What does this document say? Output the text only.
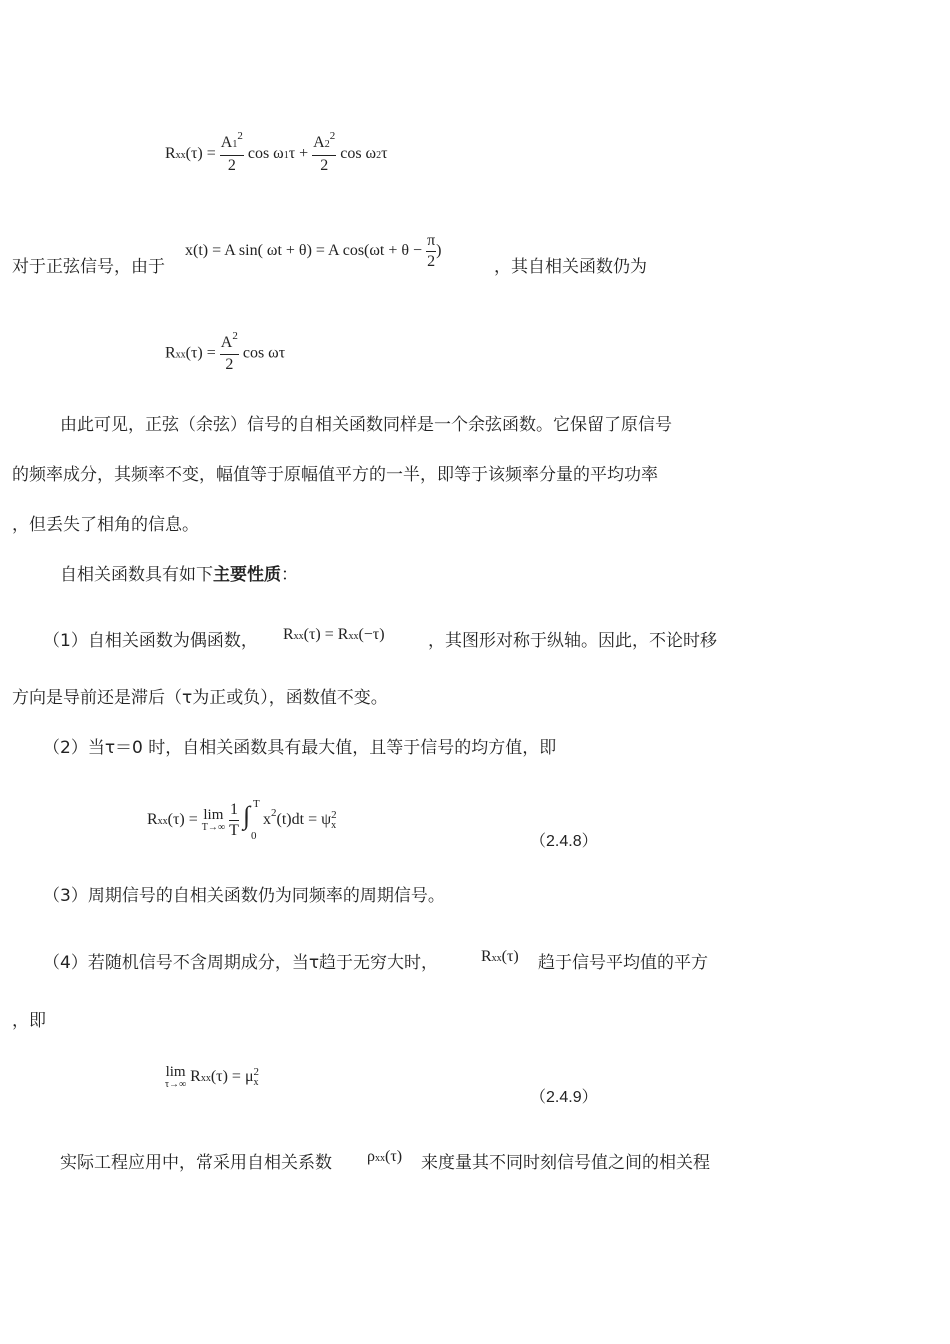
$Rxx(\tau) = \frac{A1^2}{2}$ $\cos \omega 1\tau + \frac{A2^2}{2}$ cos ω2τ
对于正弦信号，由于
x(t) = A sin( ωt + θ) = A $\cos(\omega t + \theta - \frac{\pi}{2}$ )
，其自相关函数仍为
$Rxx(\tau) = \frac{A^2}{2}$ cos ωτ
由此可见，正弦（余弦）信号的自相关函数同样是一个余弦函数。它保留了原信号
的频率成分，其频率不变，幅值等于原幅值平方的一半，即等于该频率分量的平均功率
，但丢失了相角的信息。
自相关函数具有如下主要性质：
（1）自相关函数为偶函数， Rxx(τ) = Rxx(−τ)	，其图形对称于纵轴。因此，不论时移
方向是导前还是滞后（τ为正或负），函数值不变。
（2）当τ＝0 时，自相关函数具有最大值，且等于信号的均方值，即
Rxx(τ) = lim
T→∞
$\frac{1}{T}$
∫ T
0
$x^2(t)dt = \psi$ 2
x
（2.4.8）
（3）周期信号的自相关函数仍为同频率的周期信号。
（4）若随机信号不含周期成分，当τ趋于无穷大时，	Rxx(τ) 趋于信号平均值的平方
，即
lim
τ→∞ Rxx(τ) = μ 2
x
（2.4.9）
实际工程应用中，常采用自相关系数 ρxx(τ) 来度量其不同时刻信号值之间的相关程
